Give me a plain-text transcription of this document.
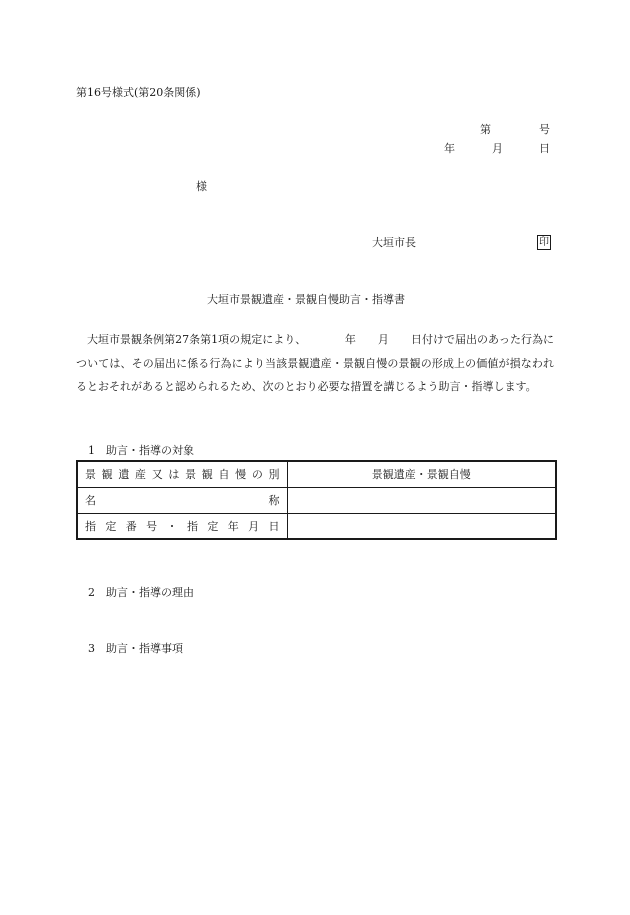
第16号様式(第20条関係)
第	号
年	月	日
様
大垣市長	印
大垣市景観遺産・景観自慢助言・指導書
大垣市景観条例第27条第1項の規定により、　　　　年　　月　　日付けで届出のあった行為については、その届出に係る行為により当該景観遺産・景観自慢の景観の形成上の価値が損なわれるとおそれがあると認められるため、次のとおり必要な措置を講じるよう助言・指導します。
1　助言・指導の対象
景観遺産又は景観自慢の別	景観遺産・景観自慢
名称	
指定番号・指定年月日	
2　助言・指導の理由
3　助言・指導事項
